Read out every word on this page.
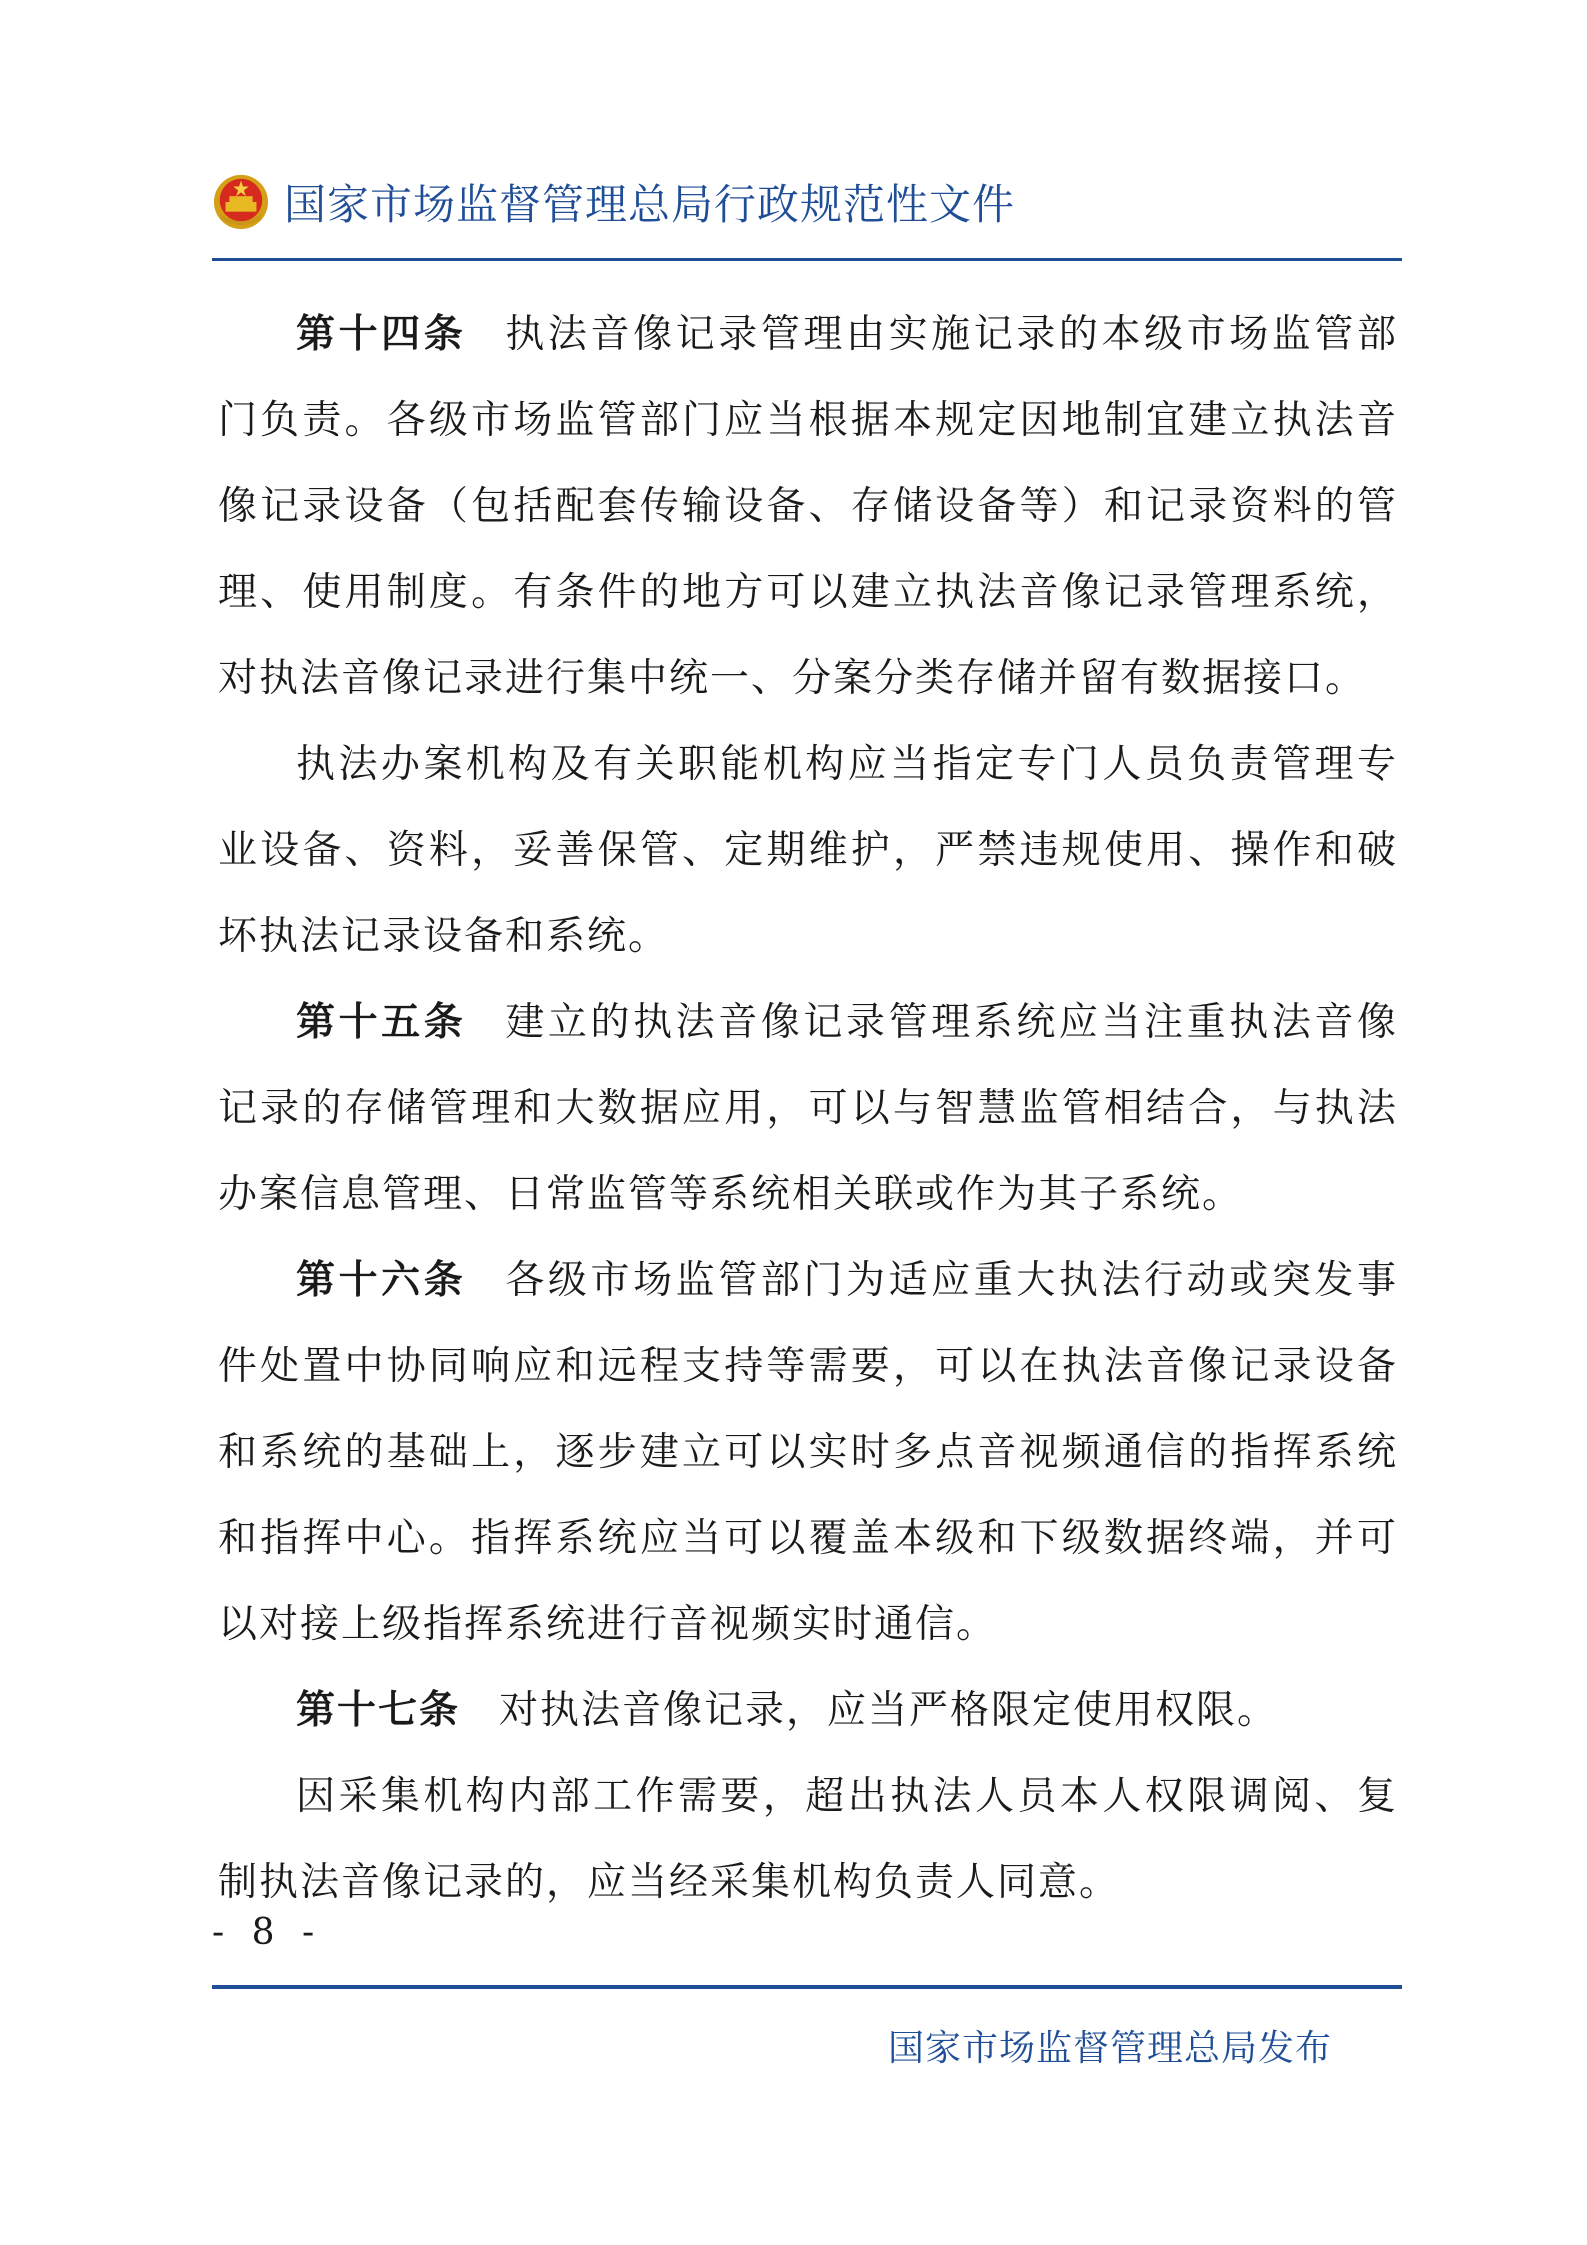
国家市场监督管理总局行政规范性文件

第十四条 执法音像记录管理由实施记录的本级市场监管部门负责。各级市场监管部门应当根据本规定因地制宜建立执法音像记录设备（包括配套传输设备、存储设备等）和记录资料的管理、使用制度。有条件的地方可以建立执法音像记录管理系统，对执法音像记录进行集中统一、分案分类存储并留有数据接口。

执法办案机构及有关职能机构应当指定专门人员负责管理专业设备、资料，妥善保管、定期维护，严禁违规使用、操作和破坏执法记录设备和系统。

第十五条 建立的执法音像记录管理系统应当注重执法音像记录的存储管理和大数据应用，可以与智慧监管相结合，与执法办案信息管理、日常监管等系统相关联或作为其子系统。

第十六条 各级市场监管部门为适应重大执法行动或突发事件处置中协同响应和远程支持等需要，可以在执法音像记录设备和系统的基础上，逐步建立可以实时多点音视频通信的指挥系统和指挥中心。指挥系统应当可以覆盖本级和下级数据终端，并可以对接上级指挥系统进行音视频实时通信。

第十七条 对执法音像记录，应当严格限定使用权限。

因采集机构内部工作需要，超出执法人员本人权限调阅、复制执法音像记录的，应当经采集机构负责人同意。

- 8 -
国家市场监督管理总局发布
